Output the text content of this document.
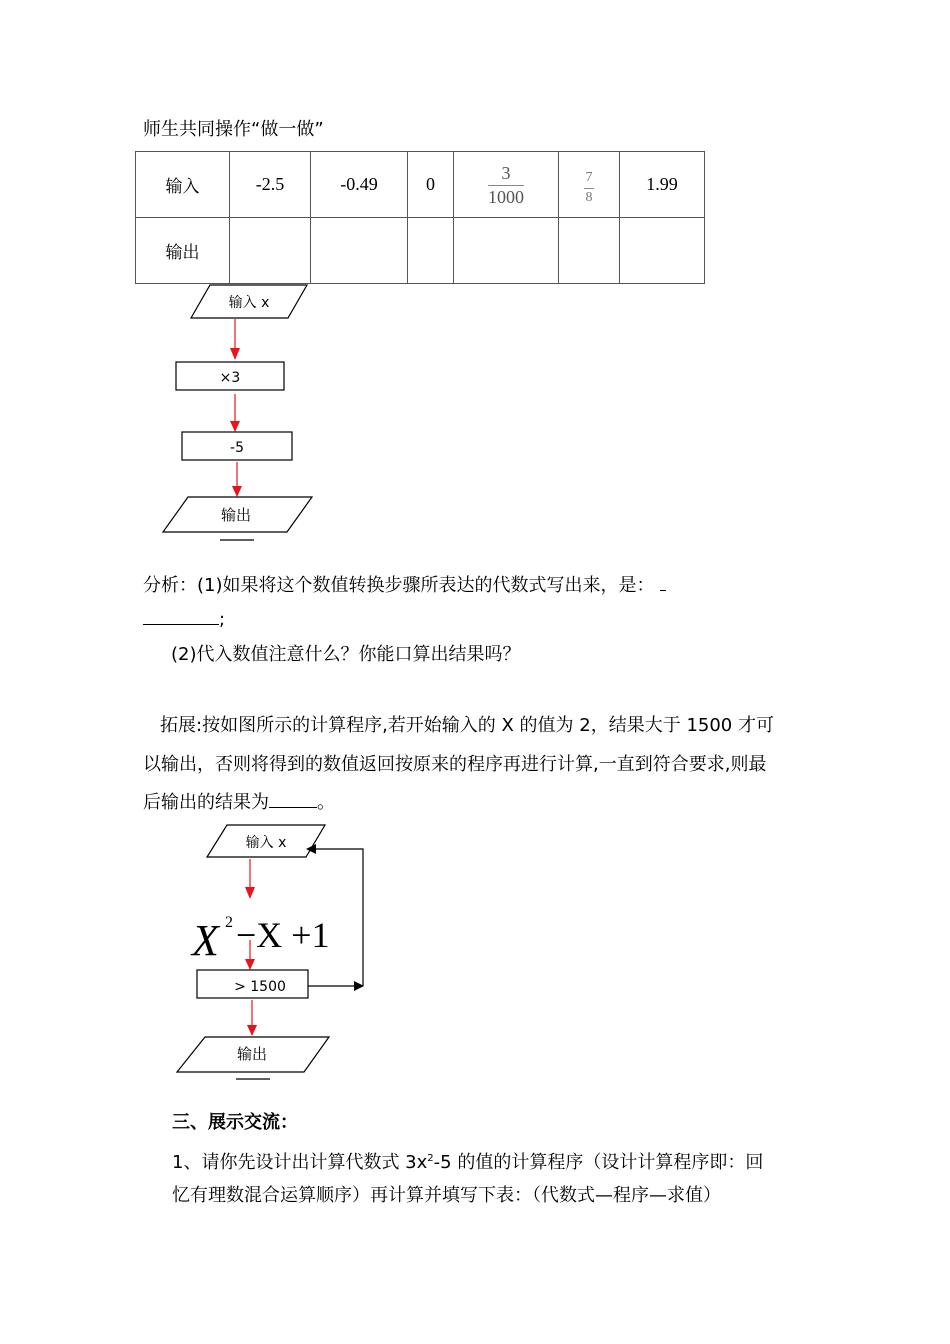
师生共同操作“做一做”
输入	-2.5	-0.49	0	$\frac{3}{1000}$	$\frac{7}{8}$	1.99
输出						
输入 x
×3
-5
输出
分析：(1)如果将这个数值转换步骤所表达的代数式写出来，是：
;
(2)代入数值注意什么？你能口算出结果吗？
拓展:按如图所示的计算程序,若开始输入的 X 的值为 2，结果大于 1500 才可
以输出，否则将得到的数值返回按原来的程序再进行计算,一直到符合要求,则最
后输出的结果为	。
输入 x
X 2 −X +1
> 1500
输出
三、展示交流：
1、请你先设计出计算代数式 $3x^2-5$ 的值的计算程序（设计计算程序即：回
忆有理数混合运算顺序）再计算并填写下表：（代数式—程序—求值）
